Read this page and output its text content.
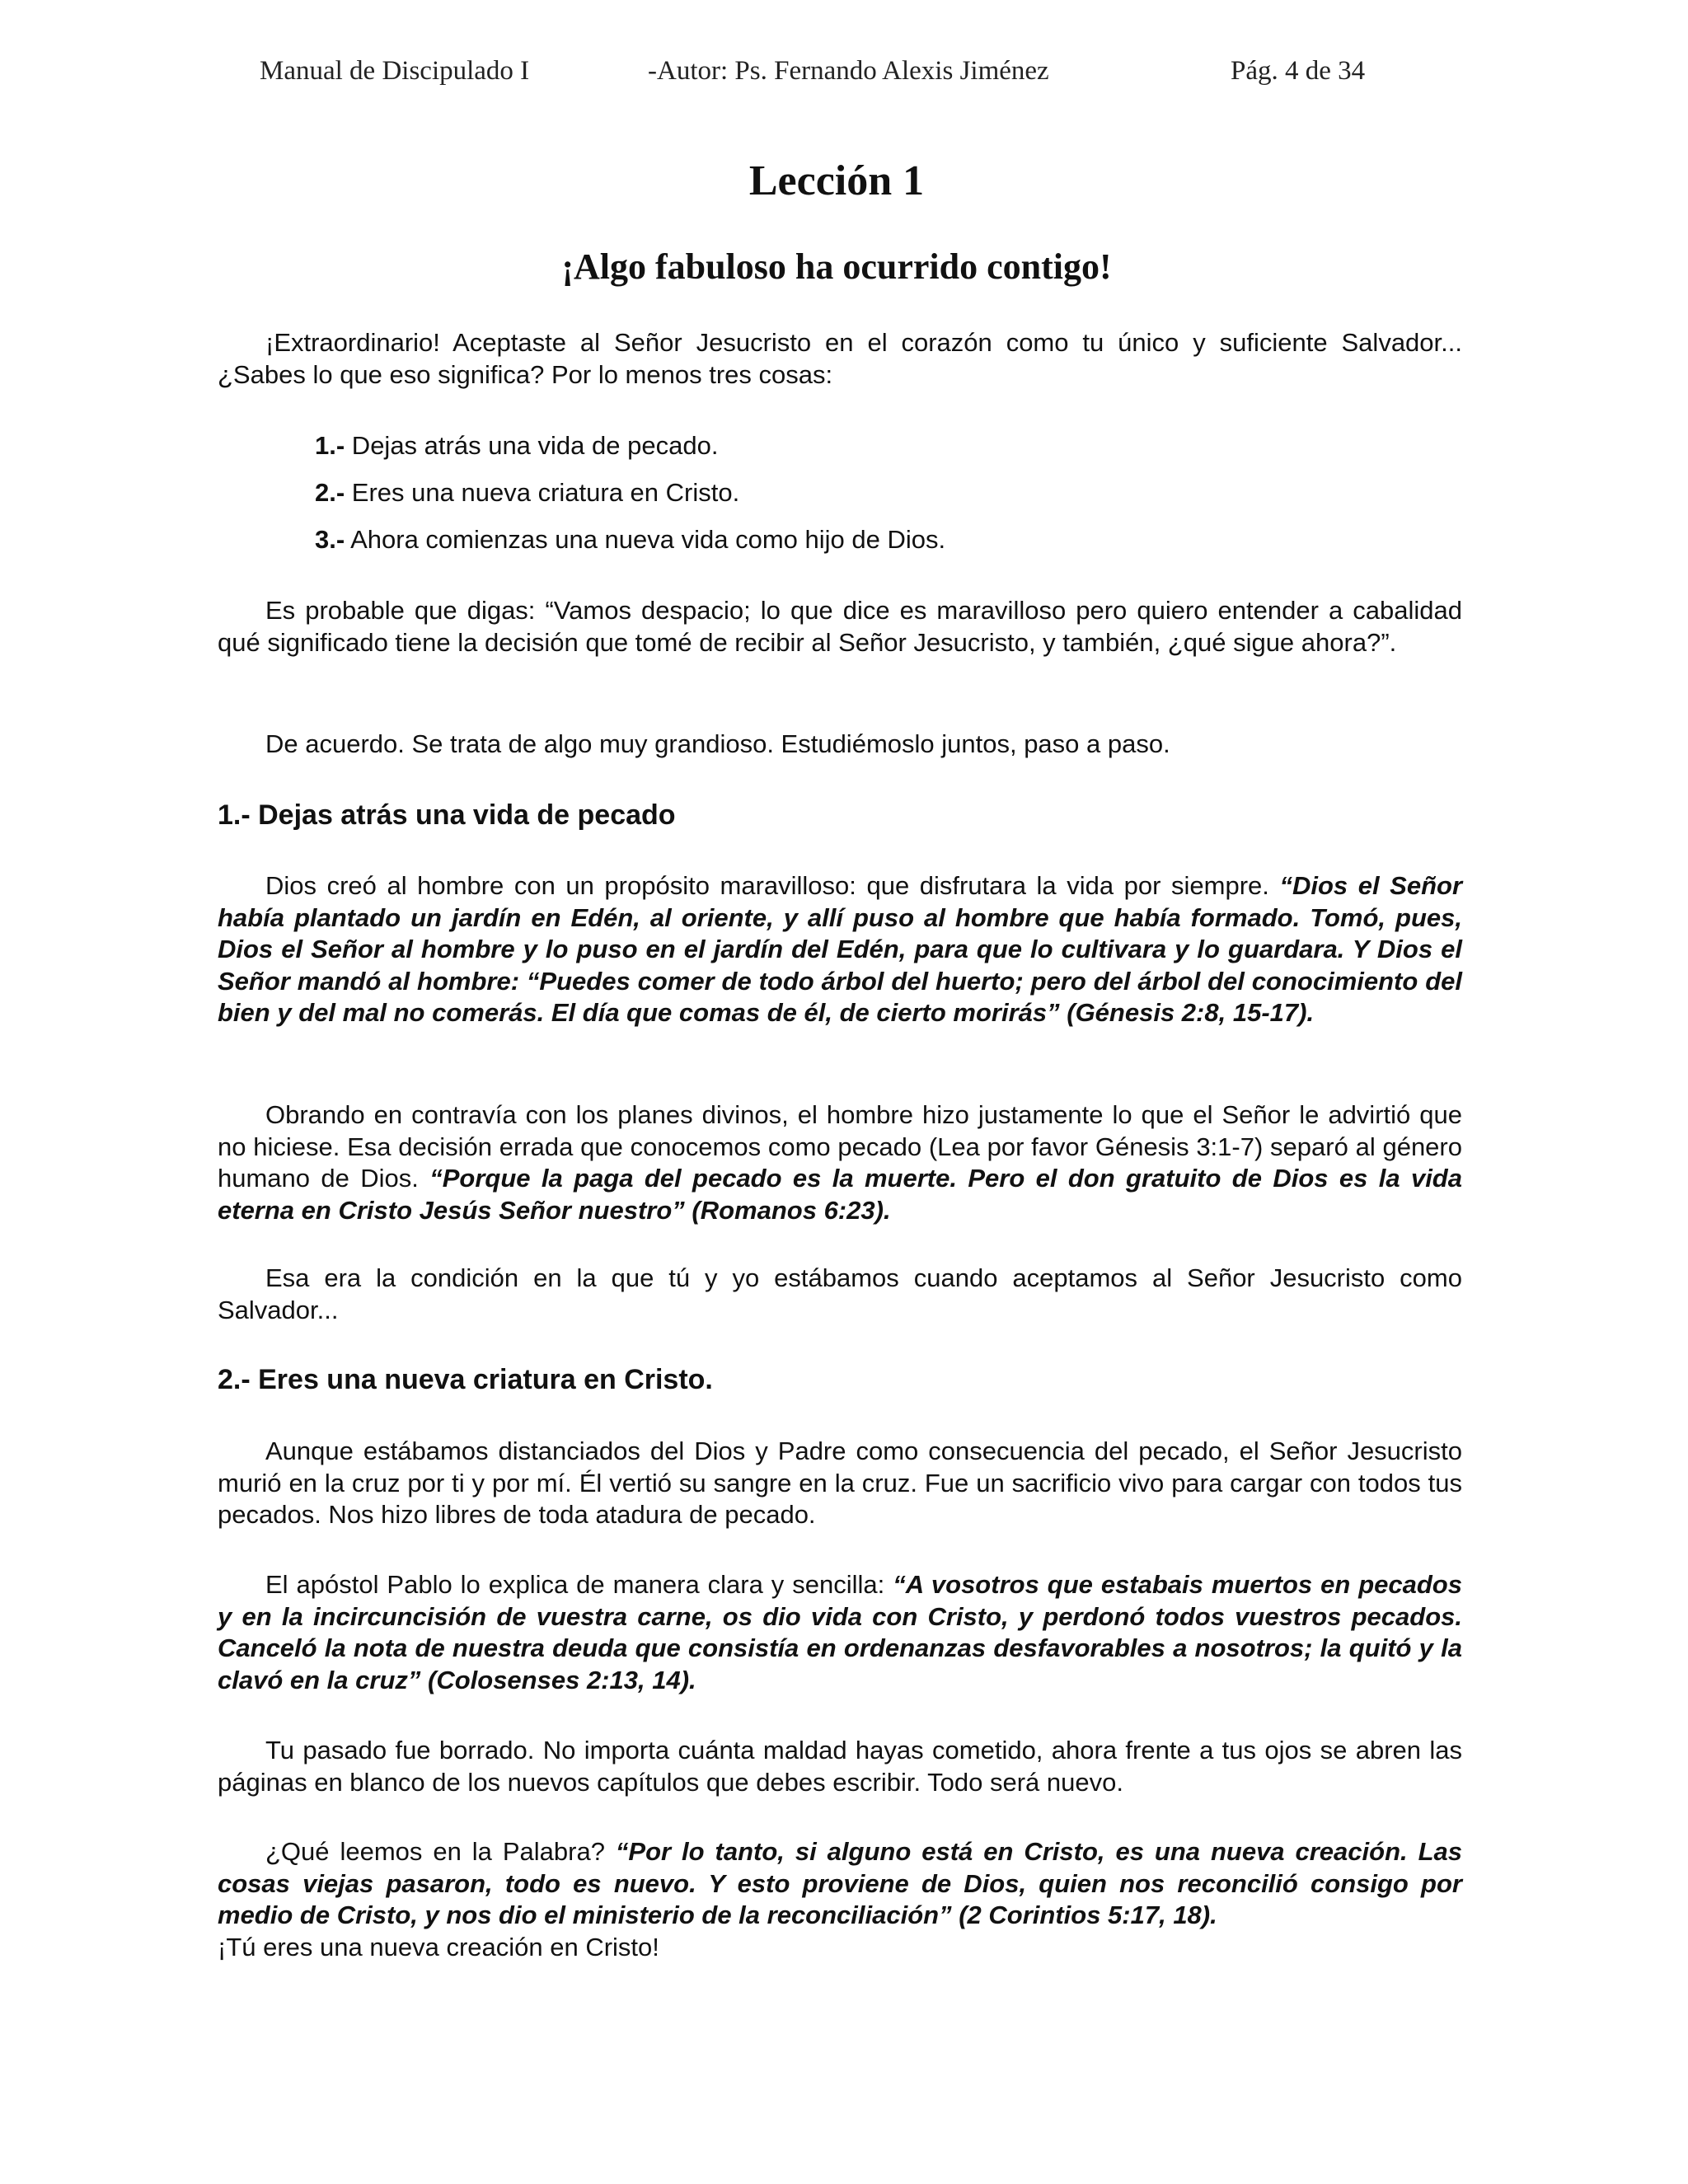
Manual de Discipulado I	-Autor: Ps. Fernando Alexis Jiménez	Pág. 4 de 34
Lección 1
¡Algo fabuloso ha ocurrido contigo!

¡Extraordinario! Aceptaste al Señor Jesucristo en el corazón como tu único y suficiente Salvador... ¿Sabes lo que eso significa? Por lo menos tres cosas:

1.- Dejas atrás una vida de pecado.
2.- Eres una nueva criatura en Cristo.
3.- Ahora comienzas una nueva vida como hijo de Dios.

Es probable que digas: “Vamos despacio; lo que dice es maravilloso pero quiero entender a cabalidad qué significado tiene la decisión que tomé de recibir al Señor Jesucristo, y también, ¿qué sigue ahora?”.

De acuerdo. Se trata de algo muy grandioso. Estudiémoslo juntos, paso a paso.

1.- Dejas atrás una vida de pecado

Dios creó al hombre con un propósito maravilloso: que disfrutara la vida por siempre. “Dios el Señor había plantado un jardín en Edén, al oriente, y allí puso al hombre que había formado. Tomó, pues, Dios el Señor al hombre y lo puso en el jardín del Edén, para que lo cultivara y lo guardara. Y Dios el Señor mandó al hombre: “Puedes comer de todo árbol del huerto; pero del árbol del conocimiento del bien y del mal no comerás. El día que comas de él, de cierto morirás” (Génesis 2:8, 15-17).

Obrando en contravía con los planes divinos, el hombre hizo justamente lo que el Señor le advirtió que no hiciese. Esa decisión errada que conocemos como pecado (Lea por favor Génesis 3:1-7) separó al género humano de Dios. “Porque la paga del pecado es la muerte. Pero el don gratuito de Dios es la vida eterna en Cristo Jesús Señor nuestro” (Romanos 6:23).

Esa era la condición en la que tú y yo estábamos cuando aceptamos al Señor Jesucristo como Salvador...

2.- Eres una nueva criatura en Cristo.

Aunque estábamos distanciados del Dios y Padre como consecuencia del pecado, el Señor Jesucristo murió en la cruz por ti y por mí. Él vertió su sangre en la cruz. Fue un sacrificio vivo para cargar con todos tus pecados. Nos hizo libres de toda atadura de pecado.

El apóstol Pablo lo explica de manera clara y sencilla: “A vosotros que estabais muertos en pecados y en la incircuncisión de vuestra carne, os dio vida con Cristo, y perdonó todos vuestros pecados. Canceló la nota de nuestra deuda que consistía en ordenanzas desfavorables a nosotros; la quitó y la clavó en la cruz” (Colosenses 2:13, 14).

Tu pasado fue borrado. No importa cuánta maldad hayas cometido, ahora frente a tus ojos se abren las páginas en blanco de los nuevos capítulos que debes escribir. Todo será nuevo.

¿Qué leemos en la Palabra? “Por lo tanto, si alguno está en Cristo, es una nueva creación. Las cosas viejas pasaron, todo es nuevo. Y esto proviene de Dios, quien nos reconcilió consigo por medio de Cristo, y nos dio el ministerio de la reconciliación” (2 Corintios 5:17, 18).

¡Tú eres una nueva creación en Cristo!
